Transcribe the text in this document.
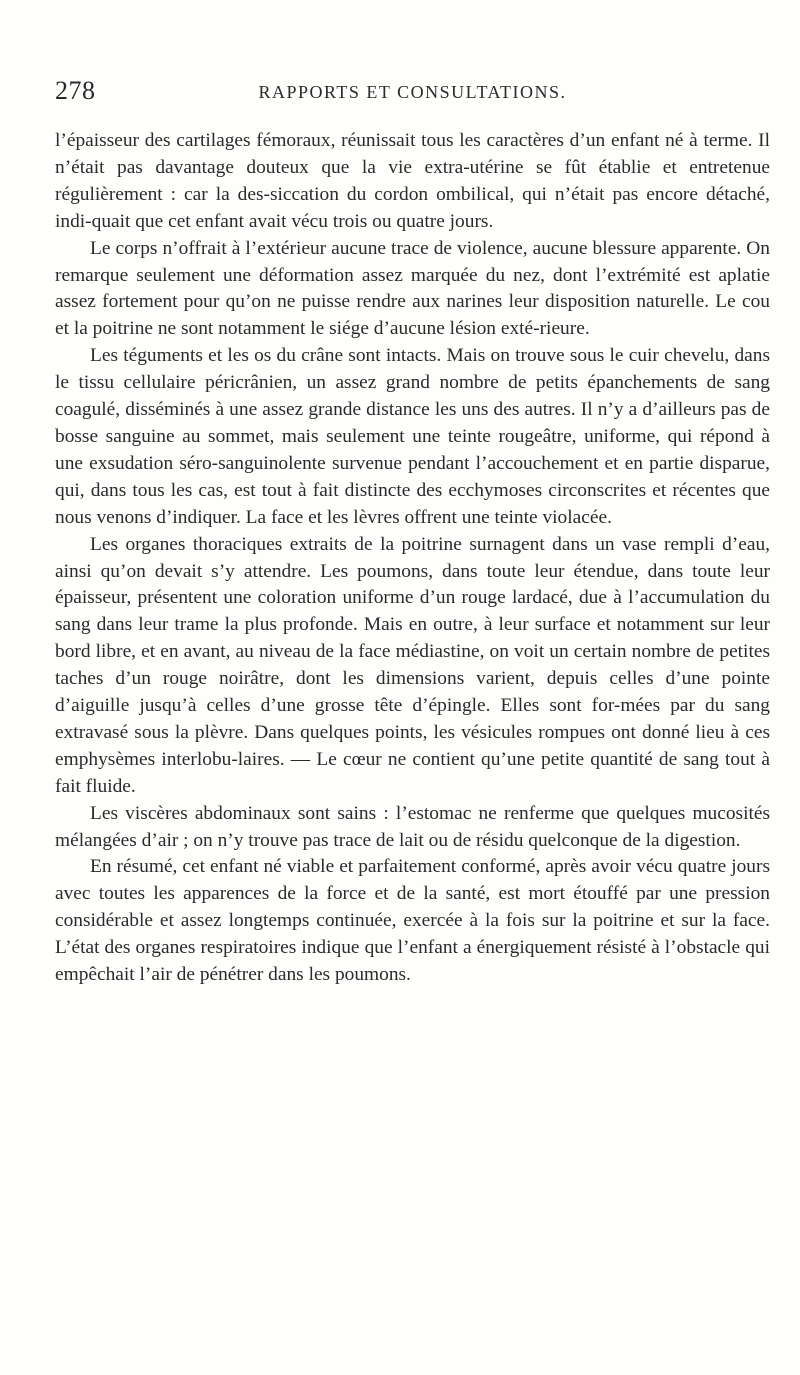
278	RAPPORTS ET CONSULTATIONS.

l’épaisseur des cartilages fémoraux, réunissait tous les caractères d’un enfant né à terme. Il n’était pas davantage douteux que la vie extra-utérine se fût établie et entretenue régulièrement : car la des-siccation du cordon ombilical, qui n’était pas encore détaché, indi-quait que cet enfant avait vécu trois ou quatre jours.

Le corps n’offrait à l’extérieur aucune trace de violence, aucune blessure apparente. On remarque seulement une déformation assez marquée du nez, dont l’extrémité est aplatie assez fortement pour qu’on ne puisse rendre aux narines leur disposition naturelle. Le cou et la poitrine ne sont notamment le siége d’aucune lésion exté-rieure.

Les téguments et les os du crâne sont intacts. Mais on trouve sous le cuir chevelu, dans le tissu cellulaire péricrânien, un assez grand nombre de petits épanchements de sang coagulé, disséminés à une assez grande distance les uns des autres. Il n’y a d’ailleurs pas de bosse sanguine au sommet, mais seulement une teinte rougeâtre, uniforme, qui répond à une exsudation séro-sanguinolente survenue pendant l’accouchement et en partie disparue, qui, dans tous les cas, est tout à fait distincte des ecchymoses circonscrites et récentes que nous venons d’indiquer. La face et les lèvres offrent une teinte violacée.

Les organes thoraciques extraits de la poitrine surnagent dans un vase rempli d’eau, ainsi qu’on devait s’y attendre. Les poumons, dans toute leur étendue, dans toute leur épaisseur, présentent une coloration uniforme d’un rouge lardacé, due à l’accumulation du sang dans leur trame la plus profonde. Mais en outre, à leur surface et notamment sur leur bord libre, et en avant, au niveau de la face médiastine, on voit un certain nombre de petites taches d’un rouge noirâtre, dont les dimensions varient, depuis celles d’une pointe d’aiguille jusqu’à celles d’une grosse tête d’épingle. Elles sont for-mées par du sang extravasé sous la plèvre. Dans quelques points, les vésicules rompues ont donné lieu à ces emphysèmes interlobu-laires. — Le cœur ne contient qu’une petite quantité de sang tout à fait fluide.

Les viscères abdominaux sont sains : l’estomac ne renferme que quelques mucosités mélangées d’air ; on n’y trouve pas trace de lait ou de résidu quelconque de la digestion.

En résumé, cet enfant né viable et parfaitement conformé, après avoir vécu quatre jours avec toutes les apparences de la force et de la santé, est mort étouffé par une pression considérable et assez longtemps continuée, exercée à la fois sur la poitrine et sur la face. L’état des organes respiratoires indique que l’enfant a énergiquement résisté à l’obstacle qui empêchait l’air de pénétrer dans les poumons.
